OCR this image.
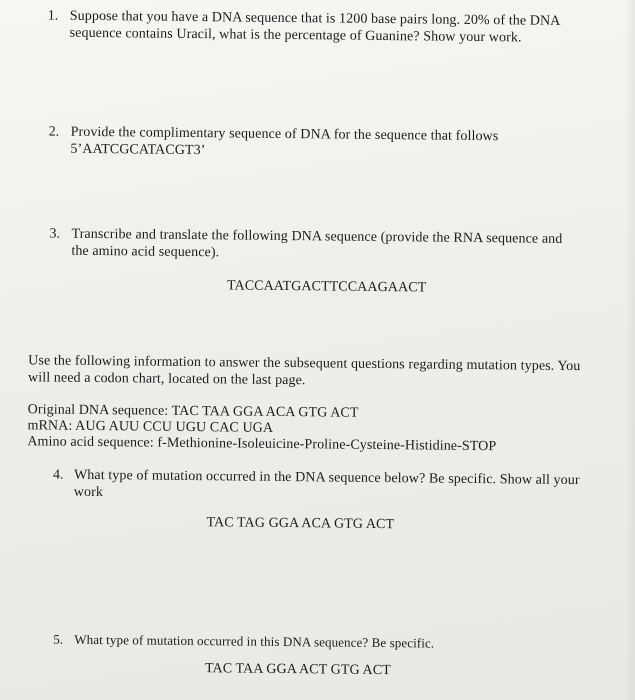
1. Suppose that you have a DNA sequence that is 1200 base pairs long. 20% of the DNA
sequence contains Uracil, what is the percentage of Guanine? Show your work.
2. Provide the complimentary sequence of DNA for the sequence that follows
5’AATCGCATACGT3’
3. Transcribe and translate the following DNA sequence (provide the RNA sequence and
the amino acid sequence).
TACCAATGACTTCCAAGAACT
Use the following information to answer the subsequent questions regarding mutation types. You
will need a codon chart, located on the last page.
Original DNA sequence: TAC TAA GGA ACA GTG ACT
mRNA: AUG AUU CCU UGU CAC UGA
Amino acid sequence: f-Methionine-Isoleuicine-Proline-Cysteine-Histidine-STOP
4. What type of mutation occurred in the DNA sequence below? Be specific. Show all your
work
TAC TAG GGA ACA GTG ACT
5. What type of mutation occurred in this DNA sequence? Be specific.
TAC TAA GGA ACT GTG ACT
